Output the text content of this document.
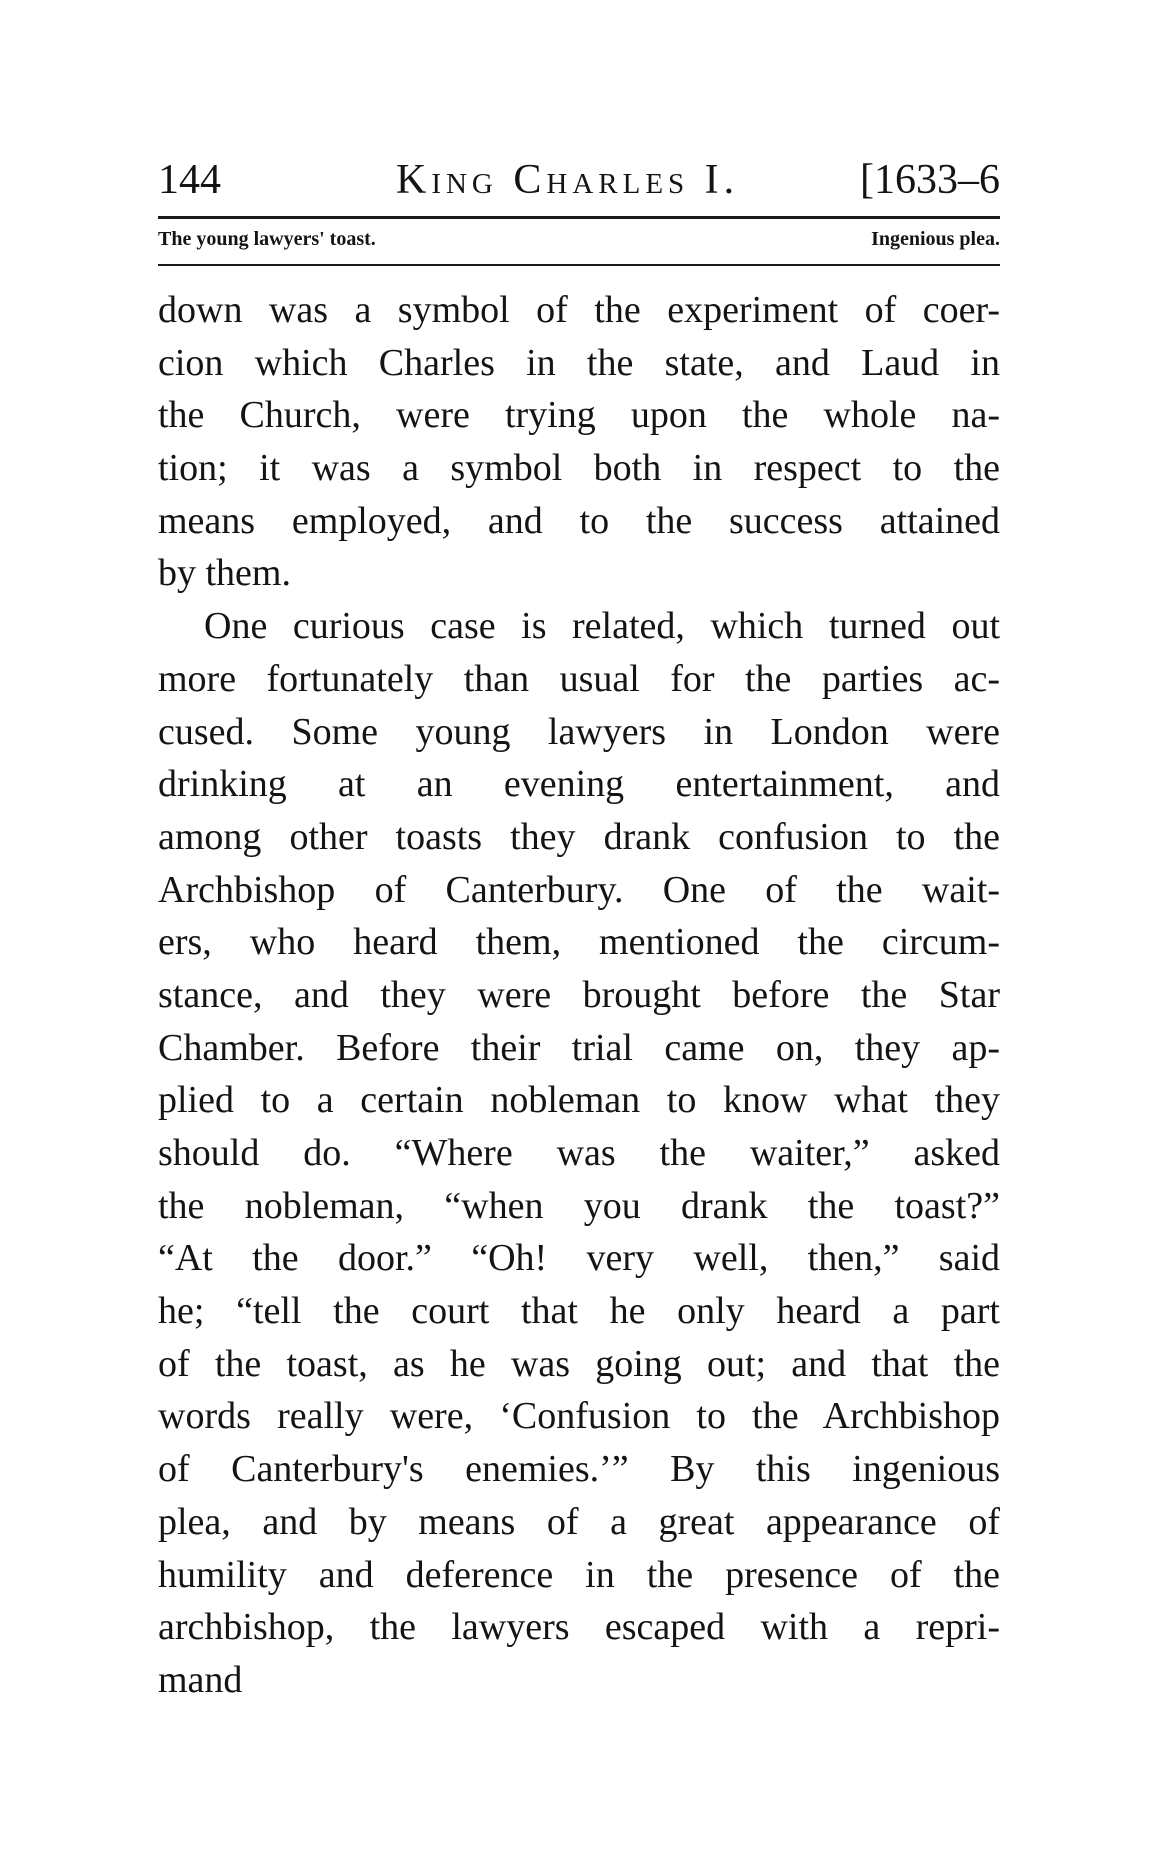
144	King Charles I.	[1633–6
The young lawyers' toast.	Ingenious plea.
down was a symbol of the experiment of coer-
cion which Charles in the state, and Laud in
the Church, were trying upon the whole na-
tion; it was a symbol both in respect to the
means employed, and to the success attained
by them.
One curious case is related, which turned out
more fortunately than usual for the parties ac-
cused. Some young lawyers in London were
drinking at an evening entertainment, and
among other toasts they drank confusion to the
Archbishop of Canterbury. One of the wait-
ers, who heard them, mentioned the circum-
stance, and they were brought before the Star
Chamber. Before their trial came on, they ap-
plied to a certain nobleman to know what they
should do. “Where was the waiter,” asked
the nobleman, “when you drank the toast?”
“At the door.” “Oh! very well, then,” said
he; “tell the court that he only heard a part
of the toast, as he was going out; and that the
words really were, ‘Confusion to the Archbishop
of Canterbury's enemies.’” By this ingenious
plea, and by means of a great appearance of
humility and deference in the presence of the
archbishop, the lawyers escaped with a repri-
mand
